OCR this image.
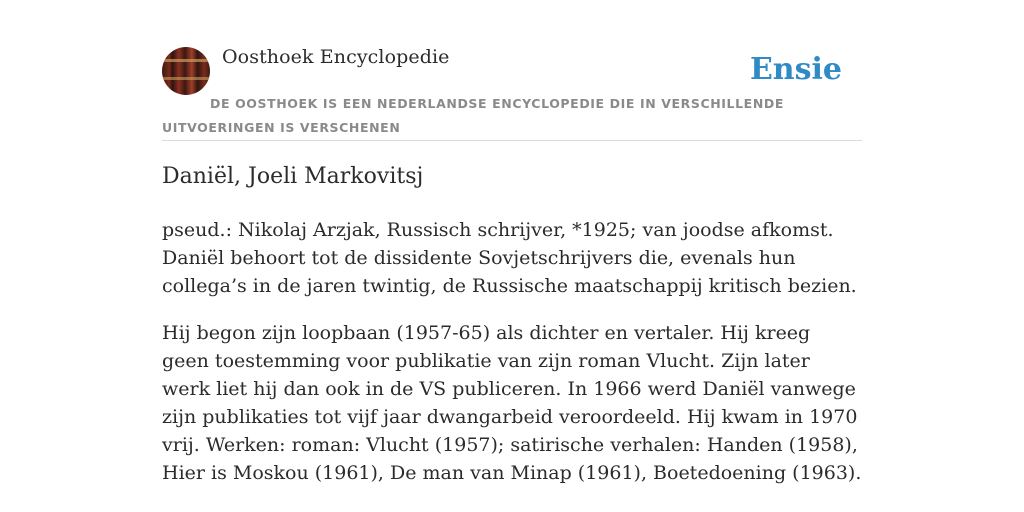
Oosthoek Encyclopedie	Ensie
DE OOSTHOEK IS EEN NEDERLANDSE ENCYCLOPEDIE DIE IN VERSCHILLENDE UITVOERINGEN IS VERSCHENEN
Daniël, Joeli Markovitsj

pseud.: Nikolaj Arzjak, Russisch schrijver, *1925; van joodse afkomst. Daniël behoort tot de dissidente Sovjetschrijvers die, evenals hun collega’s in de jaren twintig, de Russische maatschappij kritisch bezien.

Hij begon zijn loopbaan (1957-65) als dichter en vertaler. Hij kreeg geen toestemming voor publikatie van zijn roman Vlucht. Zijn later werk liet hij dan ook in de VS publiceren. In 1966 werd Daniël vanwege zijn publikaties tot vijf jaar dwangarbeid veroordeeld. Hij kwam in 1970 vrij. Werken: roman: Vlucht (1957); satirische verhalen: Handen (1958), Hier is Moskou (1961), De man van Minap (1961), Boetedoening (1963).
